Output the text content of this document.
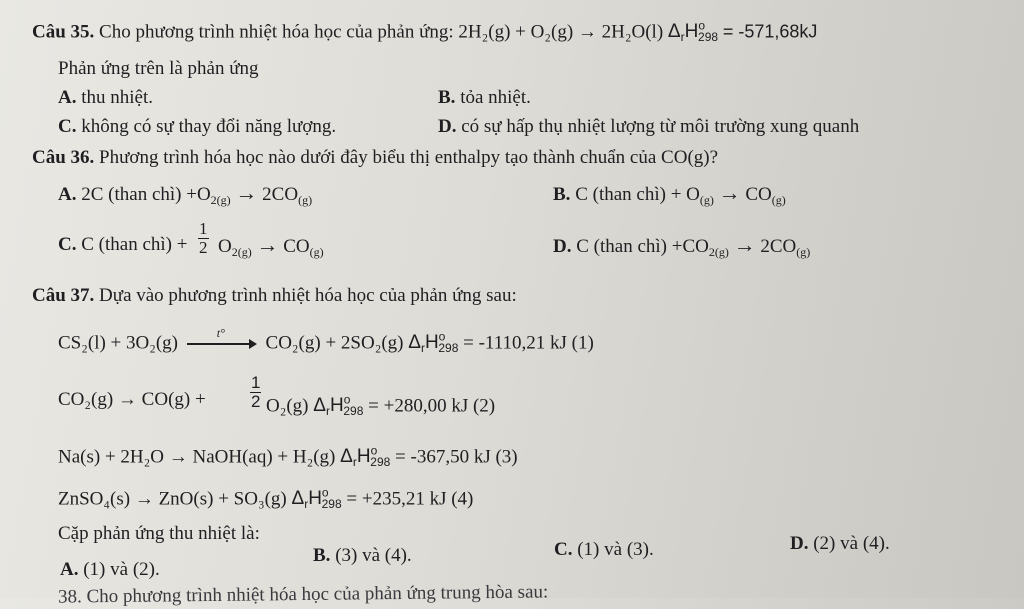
Câu 35. Cho phương trình nhiệt hóa học của phản ứng: 2H₂(g) + O₂(g) → 2H₂O(l) $\Delta_rH^o_{298} = -571,68kJ$
Phản ứng trên là phản ứng
A. thu nhiệt.	B. tỏa nhiệt.
C. không có sự thay đổi năng lượng.	D. có sự hấp thụ nhiệt lượng từ môi trường xung quanh
Câu 36. Phương trình hóa học nào dưới đây biểu thị enthalpy tạo thành chuẩn của CO(g)?
A. 2C (than chì) $+O_{2(g)} \to 2CO_{(g)}$	B. C (than chì) + $O_{(g)} \to CO_{(g)}$
C. C (than chì) + $\frac{1}{2} O_{2(g)} \to CO_{(g)}$	D. C (than chì) $+CO_{2(g)} \to 2CO_{(g)}$
Câu 37. Dựa vào phương trình nhiệt hóa học của phản ứng sau:
CS₂(l) + 3O₂(g)	t° CO₂(g) + 2SO₂(g) $\Delta_rH^o_{298} = -1110,21$ kJ (1)
CO₂(g) → CO(g) +	$\frac{1}{2} O_2(g) \Delta_rH^o_{298} = +280,00$ kJ (2)
Na(s) + 2H₂O → NaOH(aq) + H₂(g) $\Delta_rH^o_{298} = -367,50$ kJ (3)
ZnSO₄(s) → ZnO(s) + SO₃(g) $\Delta_rH^o_{298} = +235,21$ kJ (4)
Cặp phản ứng thu nhiệt là:
A. (1) và (2).
B. (3) và (4).	C. (1) và (3).	D. (2) và (4).
38. Cho phương trình nhiệt hóa học của phản ứng trung hòa sau:
